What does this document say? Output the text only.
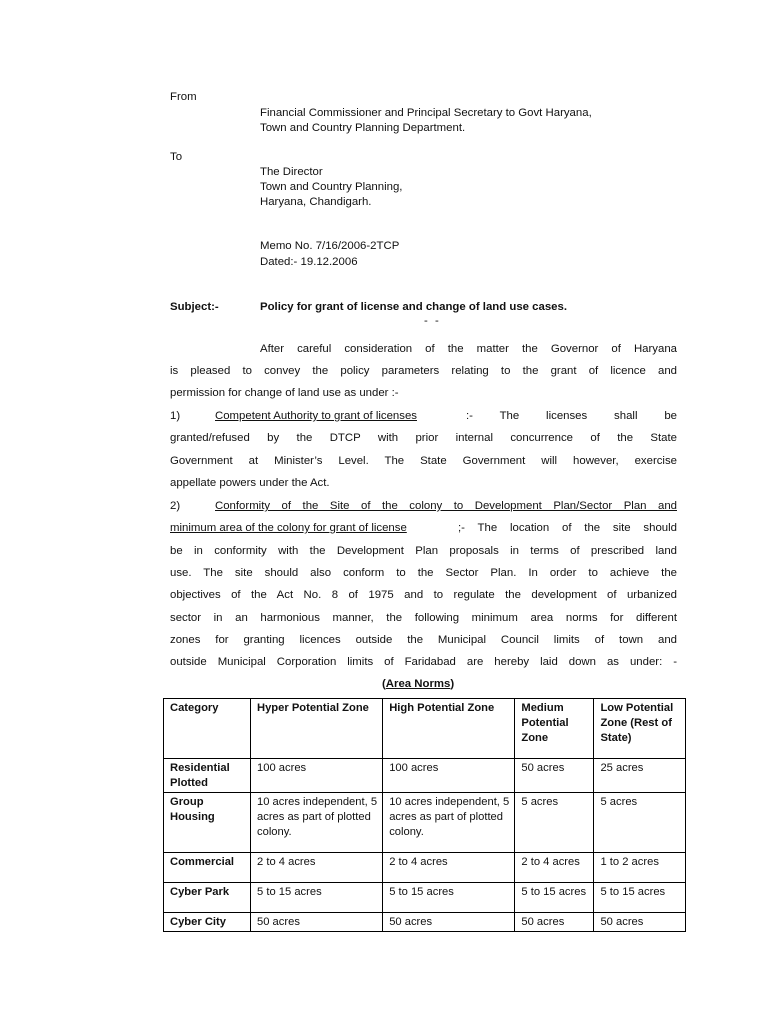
From
Financial Commissioner and Principal Secretary to Govt Haryana,
Town and Country Planning Department.
To
The Director
Town and Country Planning,
Haryana, Chandigarh.
Memo No. 7/16/2006-2TCP
Dated:- 19.12.2006
Subject:-	Policy for grant of license and change of land use cases.
- -
After careful consideration of the matter the Governor of Haryana
is pleased to convey the policy parameters relating to the grant of licence and
permission for change of land use as under :-
1)	Competent Authority to grant of licenses	:- The licenses shall be
granted/refused by the DTCP with prior internal concurrence of the State
Government at Minister’s Level. The State Government will however, exercise
appellate powers under the Act.
2)	Conformity of the Site of the colony to Development Plan/Sector Plan and
minimum area of the colony for grant of license	;- The location of the site should
be in conformity with the Development Plan proposals in terms of prescribed land
use. The site should also conform to the Sector Plan. In order to achieve the
objectives of the Act No. 8 of 1975 and to regulate the development of urbanized
sector in an harmonious manner, the following minimum area norms for different
zones for granting licences outside the Municipal Council limits of town and
outside Municipal Corporation limits of Faridabad are hereby laid down as under: -
(Area Norms)
Category	Hyper Potential Zone	High Potential Zone	Medium Potential Zone	Low Potential Zone (Rest of State)
Residential Plotted	100 acres	100 acres	50 acres	25 acres
Group Housing	10 acres independent, 5 acres as part of plotted colony.	10 acres independent, 5 acres as part of plotted colony.	5 acres	5 acres
Commercial	2 to 4 acres	2 to 4 acres	2 to 4 acres	1 to 2 acres
Cyber Park	5 to 15 acres	5 to 15 acres	5 to 15 acres	5 to 15 acres
Cyber City	50 acres	50 acres	50 acres	50 acres
